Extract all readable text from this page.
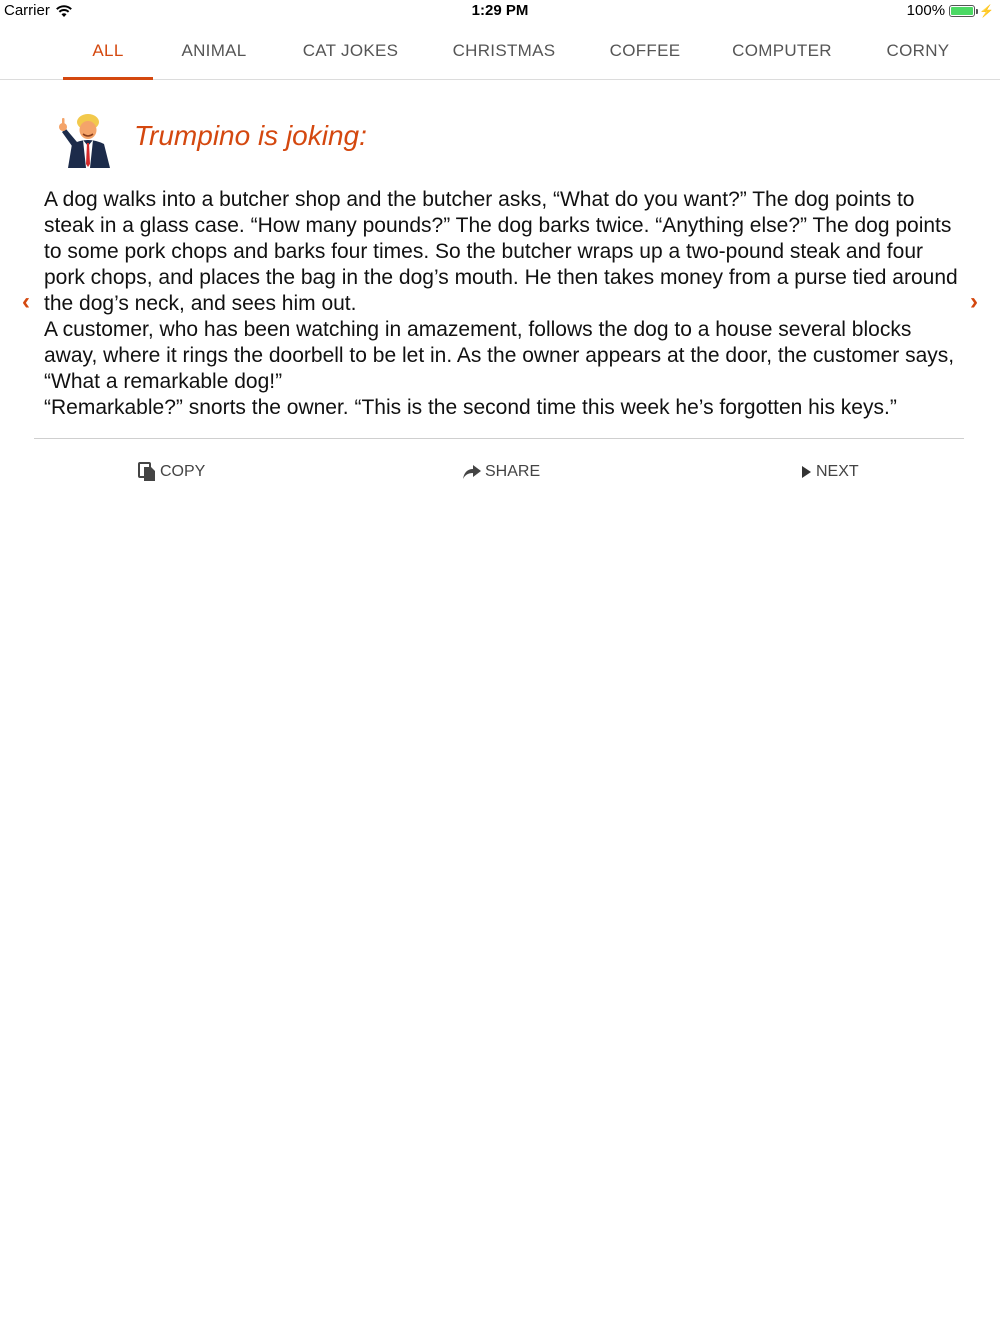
Carrier	1:29 PM	100%	⚡
ALL	ANIMAL	CAT JOKES	CHRISTMAS	COFFEE	COMPUTER	CORNY
Trumpino is joking:
‹	›

A dog walks into a butcher shop and the butcher asks, “What do you want?” The dog points to steak in a glass case. “How many pounds?” The dog barks twice. “Anything else?” The dog points to some pork chops and barks four times. So the butcher wraps up a two-pound steak and four pork chops, and places the bag in the dog’s mouth. He then takes money from a purse tied around the dog’s neck, and sees him out.

A customer, who has been watching in amazement, follows the dog to a house several blocks away, where it rings the doorbell to be let in. As the owner appears at the door, the customer says, “What a remarkable dog!”

“Remarkable?” snorts the owner. “This is the second time this week he’s forgotten his keys.”

COPY	SHARE	NEXT
